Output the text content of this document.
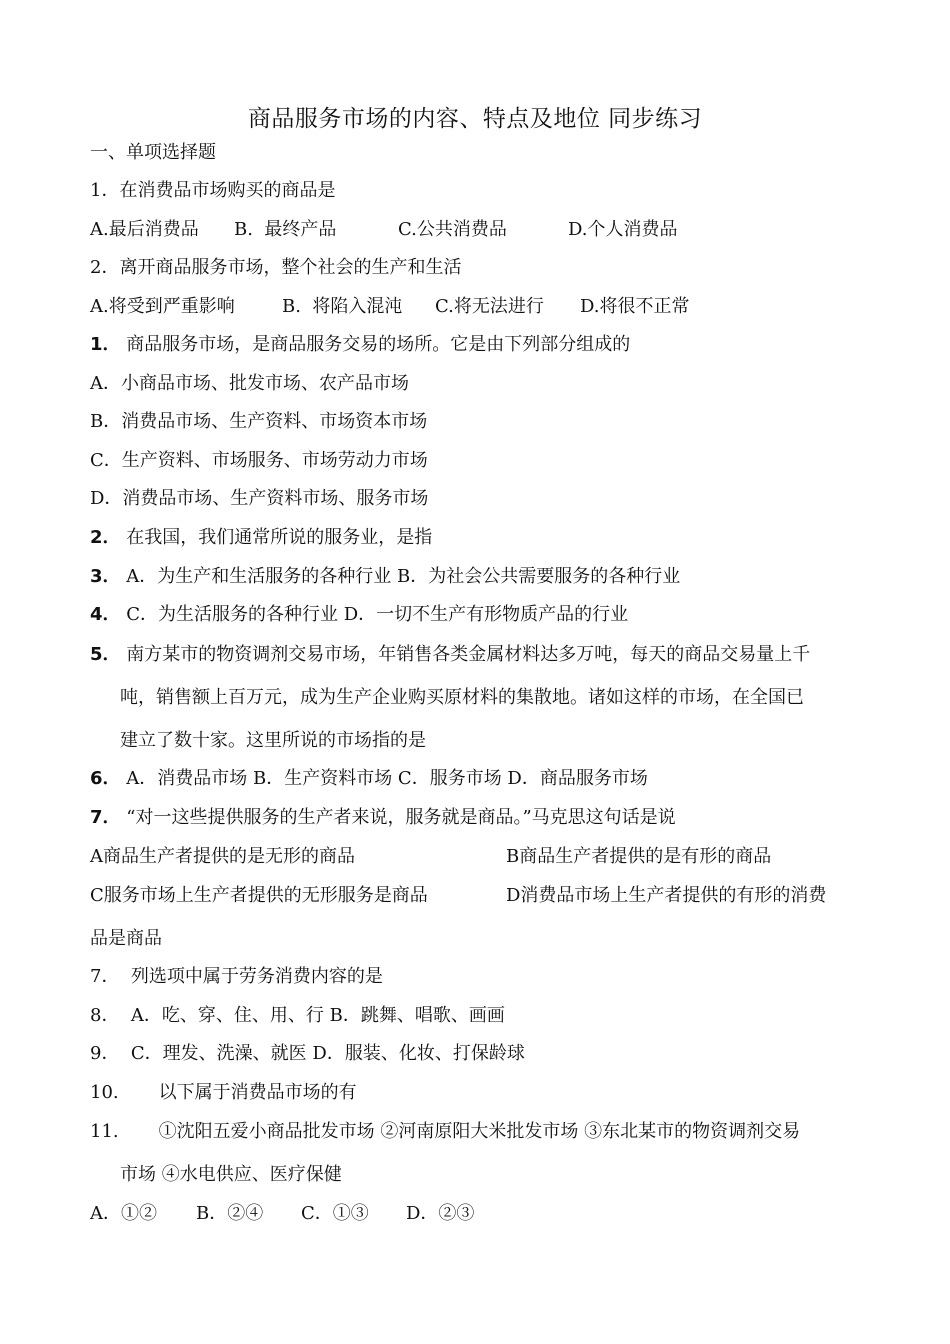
商品服务市场的内容、特点及地位 同步练习
一、单项选择题
1．在消费品市场购买的商品是
A.最后消费品 B.  最终产品	C.公共消费品	D.个人消费品
2．离开商品服务市场，整个社会的生产和生活
A.将受到严重影响	B.  将陷入混沌 C.将无法进行 D.将很不正常
1． 商品服务市场，是商品服务交易的场所。它是由下列部分组成的
A．小商品市场、批发市场、农产品市场
B．消费品市场、生产资料、市场资本市场
C．生产资料、市场服务、市场劳动力市场
D．消费品市场、生产资料市场、服务市场
2． 在我国，我们通常所说的服务业，是指
3． A．为生产和生活服务的各种行业 B．为社会公共需要服务的各种行业
4． C．为生活服务的各种行业 D．一切不生产有形物质产品的行业
5． 南方某市的物资调剂交易市场，年销售各类金属材料达多万吨，每天的商品交易量上千
吨，销售额上百万元，成为生产企业购买原材料的集散地。诸如这样的市场，在全国已
建立了数十家。这里所说的市场指的是
6． A．消费品市场 B．生产资料市场 C．服务市场 D．商品服务市场
7． “对一这些提供服务的生产者来说，服务就是商品。”马克思这句话是说
A商品生产者提供的是无形的商品	B商品生产者提供的是有形的商品
C服务市场上生产者提供的无形服务是商品	D消费品市场上生产者提供的有形的消费
品是商品
7．  列选项中属于劳务消费内容的是
8．  A．吃、穿、住、用、行 B．跳舞、唱歌、画画
9．  C．理发、洗澡、就医 D．服装、化妆、打保龄球
10.       以下属于消费品市场的有
11.       ①沈阳五爱小商品批发市场 ②河南原阳大米批发市场 ③东北某市的物资调剂交易
市场 ④水电供应、医疗保健
A．①② B．②④ C．①③ D．②③
